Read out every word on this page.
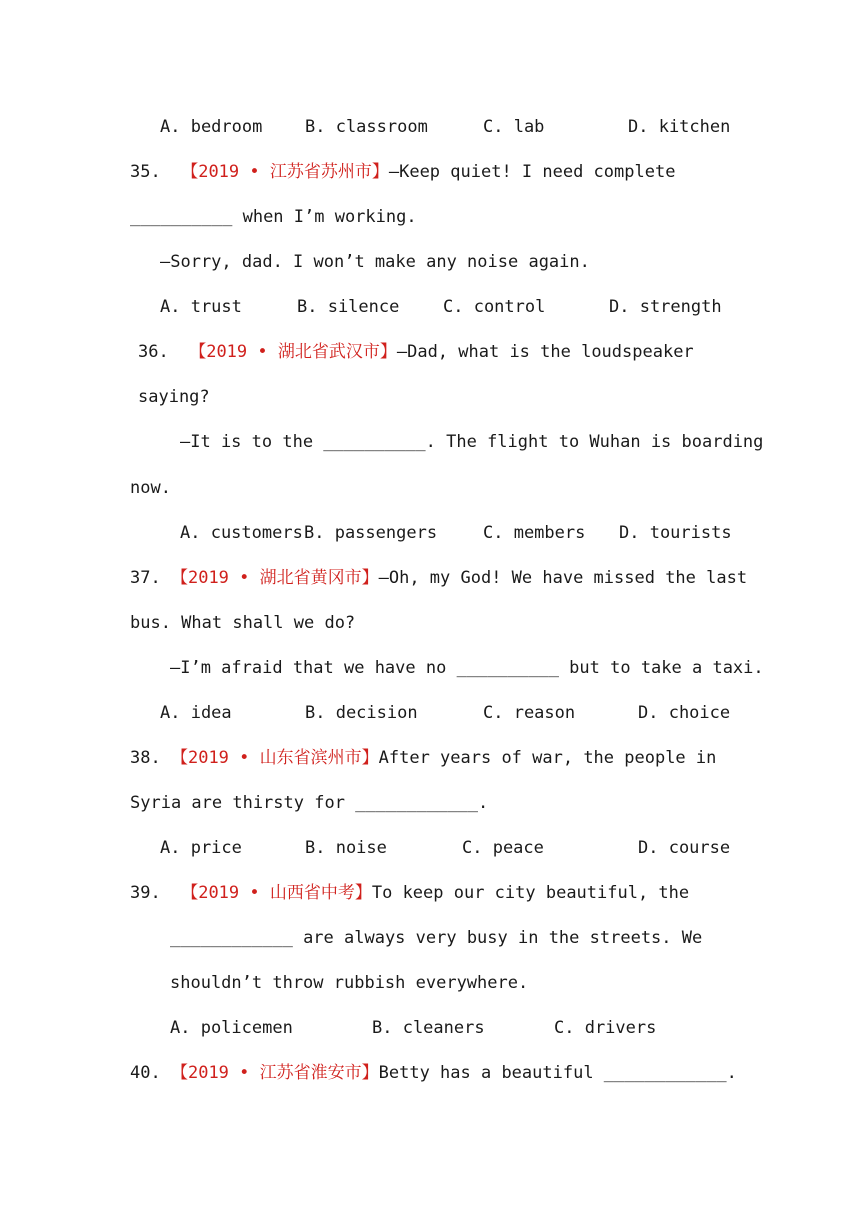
A. bedroom	B. classroom	C. lab	D. kitchen
35. 【2019 • 江苏省苏州市】—Keep quiet! I need complete
__________ when I’m working.
—Sorry, dad. I won’t make any noise again.
A. trust	B. silence	C. control	D. strength
36. 【2019 • 湖北省武汉市】—Dad, what is the loudspeaker
saying?
—It is to the __________. The flight to Wuhan is boarding
now.
A. customers B. passengers	C. members D. tourists
37. 【2019 • 湖北省黄冈市】—Oh, my God! We have missed the last
bus. What shall we do?
—I’m afraid that we have no __________ but to take a taxi.
A. idea	B. decision	C. reason	D. choice
38. 【2019 • 山东省滨州市】After years of war, the people in
Syria are thirsty for ____________.
A. price	B. noise	C. peace	D. course
39. 【2019 • 山西省中考】To keep our city beautiful, the
____________ are always very busy in the streets. We
shouldn’t throw rubbish everywhere.
A. policemen	B. cleaners	C. drivers
40. 【2019 • 江苏省淮安市】Betty has a beautiful ____________.
